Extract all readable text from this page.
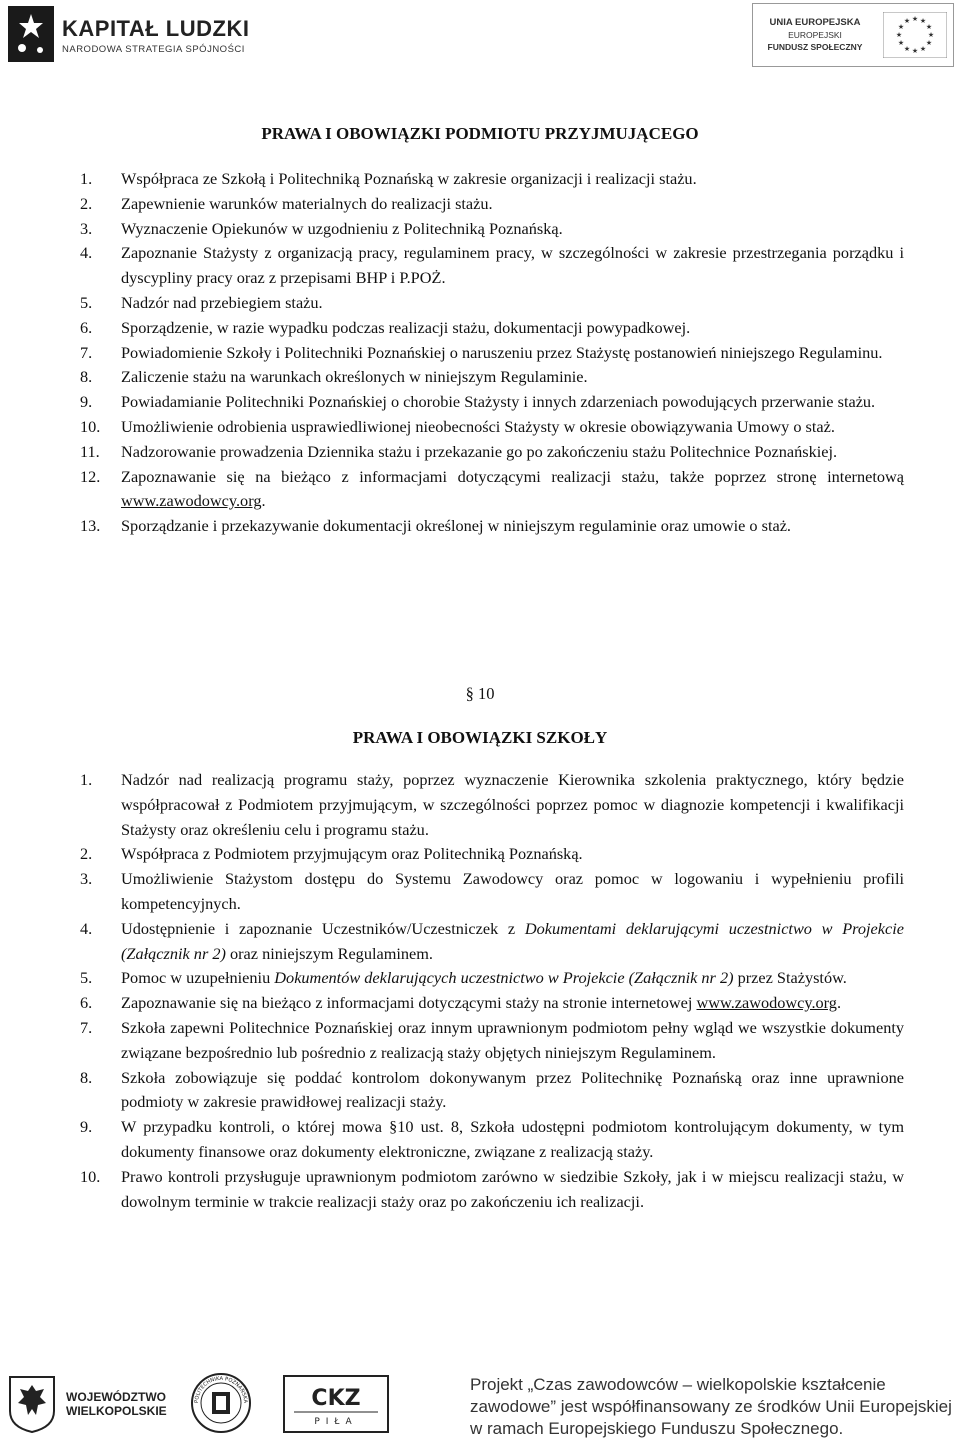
KAPITAŁ LUDZKI
NARODOWA STRATEGIA SPÓJNOŚCI
UNIA EUROPEJSKA
EUROPEJSKI
FUNDUSZ SPOŁECZNY
★ ★
★
★
★
★
★
★
★
★
★
★
PRAWA I OBOWIĄZKI PODMIOTU PRZYJMUJĄCEGO
1.	Współpraca ze Szkołą i Politechniką Poznańską w zakresie organizacji i realizacji stażu.
2.	Zapewnienie warunków materialnych do realizacji stażu.
3.	Wyznaczenie Opiekunów w uzgodnieniu z Politechniką Poznańską.
4.	Zapoznanie Stażysty z organizacją pracy, regulaminem pracy, w szczególności w zakresie przestrzegania porządku i dyscypliny pracy oraz z przepisami BHP i P.POŻ.
5.	Nadzór nad przebiegiem stażu.
6.	Sporządzenie, w razie wypadku podczas realizacji stażu, dokumentacji powypadkowej.
7.	Powiadomienie Szkoły i Politechniki Poznańskiej o naruszeniu przez Stażystę postanowień niniejszego Regulaminu.
8.	Zaliczenie stażu na warunkach określonych w niniejszym Regulaminie.
9.	Powiadamianie Politechniki Poznańskiej o chorobie Stażysty i innych zdarzeniach powodujących przerwanie stażu.
10.	Umożliwienie odrobienia usprawiedliwionej nieobecności Stażysty w okresie obowiązywania Umowy o staż.
11.	Nadzorowanie prowadzenia Dziennika stażu i przekazanie go po zakończeniu stażu Politechnice Poznańskiej.
12.	Zapoznawanie się na bieżąco z informacjami dotyczącymi realizacji stażu, także poprzez stronę internetową www.zawodowcy.org.
13.	Sporządzanie i przekazywanie dokumentacji określonej w niniejszym regulaminie oraz umowie o staż.
§ 10
PRAWA I OBOWIĄZKI SZKOŁY
1.	Nadzór nad realizacją programu staży, poprzez wyznaczenie Kierownika szkolenia praktycznego, który będzie współpracował z Podmiotem przyjmującym, w szczególności poprzez pomoc w diagnozie kompetencji i kwalifikacji Stażysty oraz określeniu celu i programu stażu.
2.	Współpraca z Podmiotem przyjmującym oraz Politechniką Poznańską.
3.	Umożliwienie Stażystom dostępu do Systemu Zawodowcy oraz pomoc w logowaniu i wypełnieniu profili kompetencyjnych.
4.	Udostępnienie i zapoznanie Uczestników/Uczestniczek z Dokumentami deklarującymi uczestnictwo w Projekcie (Załącznik nr 2) oraz niniejszym Regulaminem.
5.	Pomoc w uzupełnieniu Dokumentów deklarujących uczestnictwo w Projekcie (Załącznik nr 2) przez Stażystów.
6.	Zapoznawanie się na bieżąco z informacjami dotyczącymi staży na stronie internetowej www.zawodowcy.org.
7.	Szkoła zapewni Politechnice Poznańskiej oraz innym uprawnionym podmiotom pełny wgląd we wszystkie dokumenty związane bezpośrednio lub pośrednio z realizacją staży objętych niniejszym Regulaminem.
8.	Szkoła zobowiązuje się poddać kontrolom dokonywanym przez Politechnikę Poznańską oraz inne uprawnione podmioty w zakresie prawidłowej realizacji staży.
9.	W przypadku kontroli, o której mowa §10 ust. 8, Szkoła udostępni podmiotom kontrolującym dokumenty, w tym dokumenty finansowe oraz dokumenty elektroniczne, związane z realizacją staży.
10.	Prawo kontroli przysługuje uprawnionym podmiotom zarówno w siedzibie Szkoły, jak i w miejscu realizacji stażu, w dowolnym terminie w trakcie realizacji staży oraz po zakończeniu ich realizacji.
WOJEWÓDZTWO
WIELKOPOLSKIE
POLITECHNIKA POZNAŃSKA	CKZ
PIŁA
Projekt „Czas zawodowców – wielkopolskie kształcenie zawodowe” jest współfinansowany ze środków Unii Europejskiej w ramach Europejskiego Funduszu Społecznego.
